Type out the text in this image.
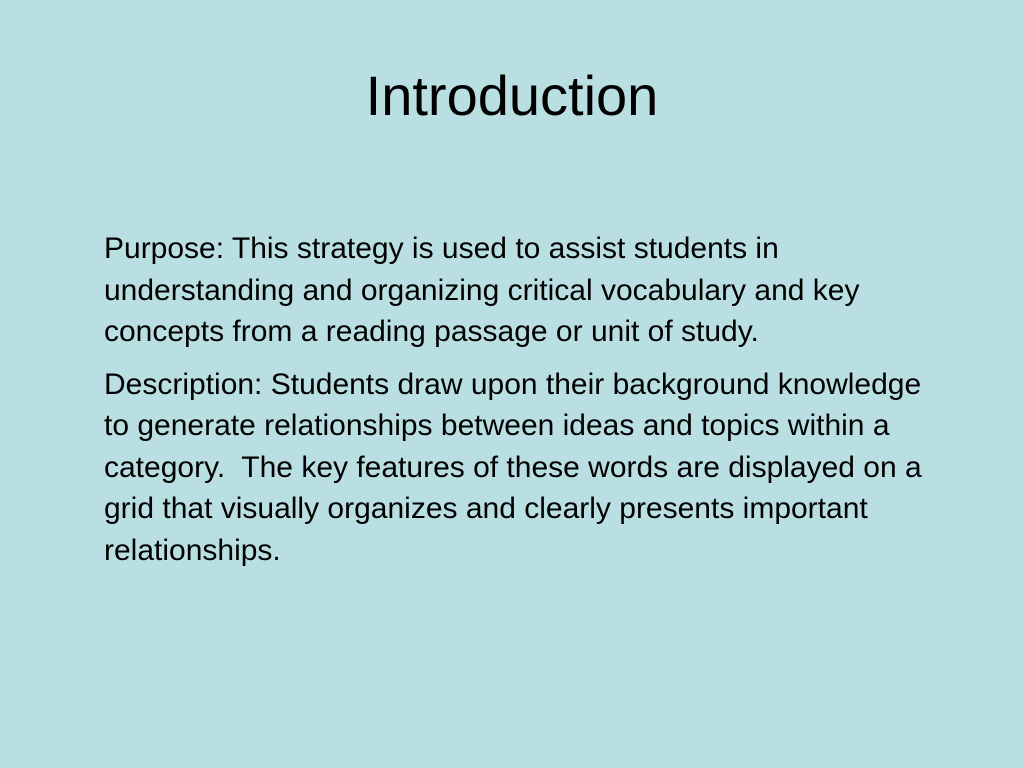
Introduction

Purpose: This strategy is used to assist students in understanding and organizing critical vocabulary and key concepts from a reading passage or unit of study.

Description: Students draw upon their background knowledge to generate relationships between ideas and topics within a category.  The key features of these words are displayed on a grid that visually organizes and clearly presents important relationships.
